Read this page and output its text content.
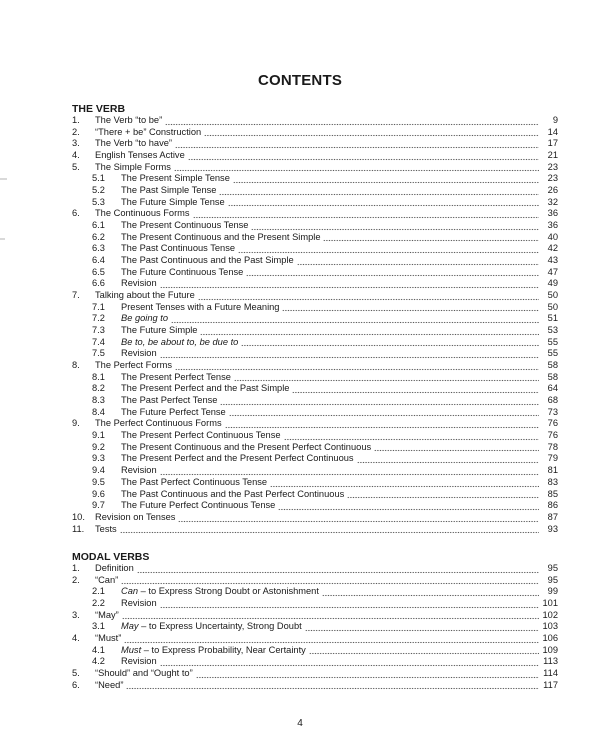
CONTENTS
THE VERB
1.	The Verb “to be”	9
2.	“There + be” Construction	14
3.	The Verb “to have”	17
4.	English Tenses Active	21
5.	The Simple Forms	23
5.1	The Present Simple Tense	23
5.2	The Past Simple Tense	26
5.3	The Future Simple Tense	32
6.	The Continuous Forms	36
6.1	The Present Continuous Tense	36
6.2	The Present Continuous and the Present Simple	40
6.3	The Past Continuous Tense	42
6.4	The Past Continuous and the Past Simple	43
6.5	The Future Continuous Tense	47
6.6	Revision	49
7.	Talking about the Future	50
7.1	Present Tenses with a Future Meaning	50
7.2	Be going to	51
7.3	The Future Simple	53
7.4	Be to, be about to, be due to	55
7.5	Revision	55
8.	The Perfect Forms	58
8.1	The Present Perfect Tense	58
8.2	The Present Perfect and the Past Simple	64
8.3	The Past Perfect Tense	68
8.4	The Future Perfect Tense	73
9.	The Perfect Continuous Forms	76
9.1	The Present Perfect Continuous Tense	76
9.2	The Present Continuous and the Present Perfect Continuous	78
9.3	The Present Perfect and the Present Perfect Continuous	79
9.4	Revision	81
9.5	The Past Perfect Continuous Tense	83
9.6	The Past Continuous and the Past Perfect Continuous	85
9.7	The Future Perfect Continuous Tense	86
10.	Revision on Tenses	87
11.	Tests	93
MODAL VERBS
1.	Definition	95
2.	“Can”	95
2.1	Can – to Express Strong Doubt or Astonishment	99
2.2	Revision	101
3.	“May”	102
3.1	May – to Express Uncertainty, Strong Doubt	103
4.	“Must”	106
4.1	Must – to Express Probability, Near Certainty	109
4.2	Revision	113
5.	“Should” and “Ought to”	114
6.	“Need”	117
4
